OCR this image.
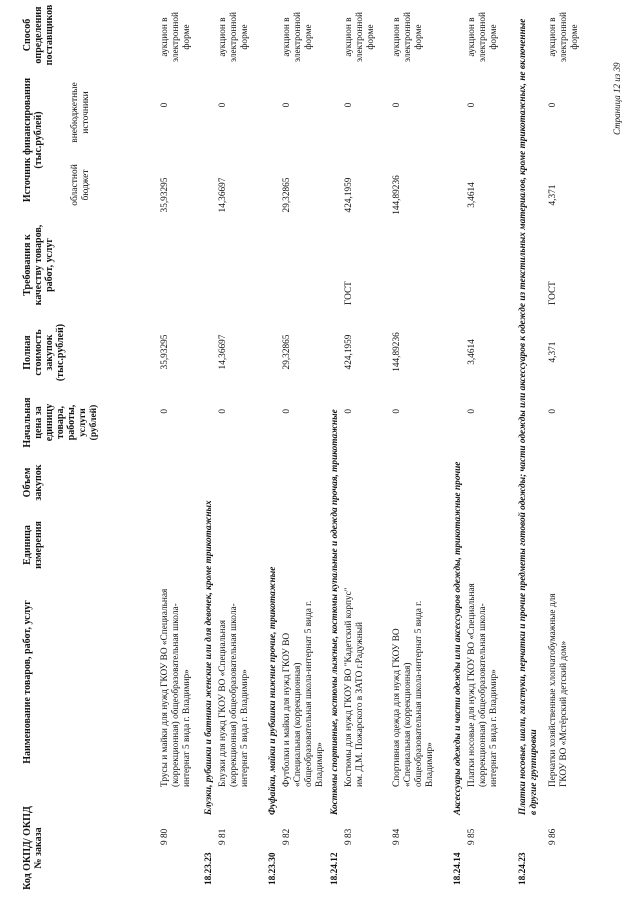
Код ОКПД/ ОКПД № заказа
Наименование товаров, работ, услуг
Единица измерения
Объем закупок
Начальная цена за единицу товара, работы, услуги (рублей)
Полная стоимость закупок (тыс.рублей)
Требования к качеству товаров, работ, услуг
Источник финансирования (тыс.рублей)
областной бюджет
внебюджетные источники
Способ определения поставщиков
9 80
Трусы и майки для нужд ГКОУ ВО «Специальная (коррекционная) общеобразовательная школа-интернат 5 вида г. Владимир»
0
35,93295
35,93295
0
аукцион в электронной форме
18.23.23
Блузки, рубашки и батники женские или для девочек, кроме трикотажных
9 81
Блузки для нужд ГКОУ ВО «Специальная (коррекционная) общеобразовательная школа-интернат 5 вида г. Владимир»
0
14,36697
14,36697
0
аукцион в электронной форме
18.23.30
Фуфайки, майки и рубашки нижние прочие, трикотажные
9 82
Футболки и майки для нужд ГКОУ ВО «Специальная (коррекционная) общеобразовательная школа-интернат 5 вида г. Владимир»
0
29,32865
29,32865
0
аукцион в электронной форме
18.24.12
Костюмы спортивные, костюмы лыжные, костюмы купальные и одежда прочая, трикотажные
9 83
Костюмы для нужд ГКОУ ВО "Кадетский корпус" им. Д.М. Пожарского в ЗАТО г.Радужный
0
424,1959
ГОСТ
424,1959
0
аукцион в электронной форме
9 84
Спортивная одежда для нужд ГКОУ ВО «Специальная (коррекционная) общеобразовательная школа-интернат 5 вида г. Владимир»
0
144,89236
144,89236
0
аукцион в электронной форме
18.24.14
Аксессуары одежды и части одежды или аксессуаров одежды, трикотажные прочие
9 85
Платки носовые для нужд ГКОУ ВО «Специальная (коррекционная) общеобразовательная школа-интернат 5 вида г. Владимир»
0
3,4614
3,4614
0
аукцион в электронной форме
18.24.23
Платки носовые, шали, галстуки, перчатки и прочие предметы готовой одежды; части одежды или аксессуаров к одежде из текстильных материалов, кроме трикотажных, не включенные в другие группировки
9 86
Перчатки хозяйственные хлопчатобумажные для ГКОУ ВО «Мстёрский детский дом»
0
4,371
ГОСТ
4,371
0
аукцион в электронной форме
Страница 12 из 39
